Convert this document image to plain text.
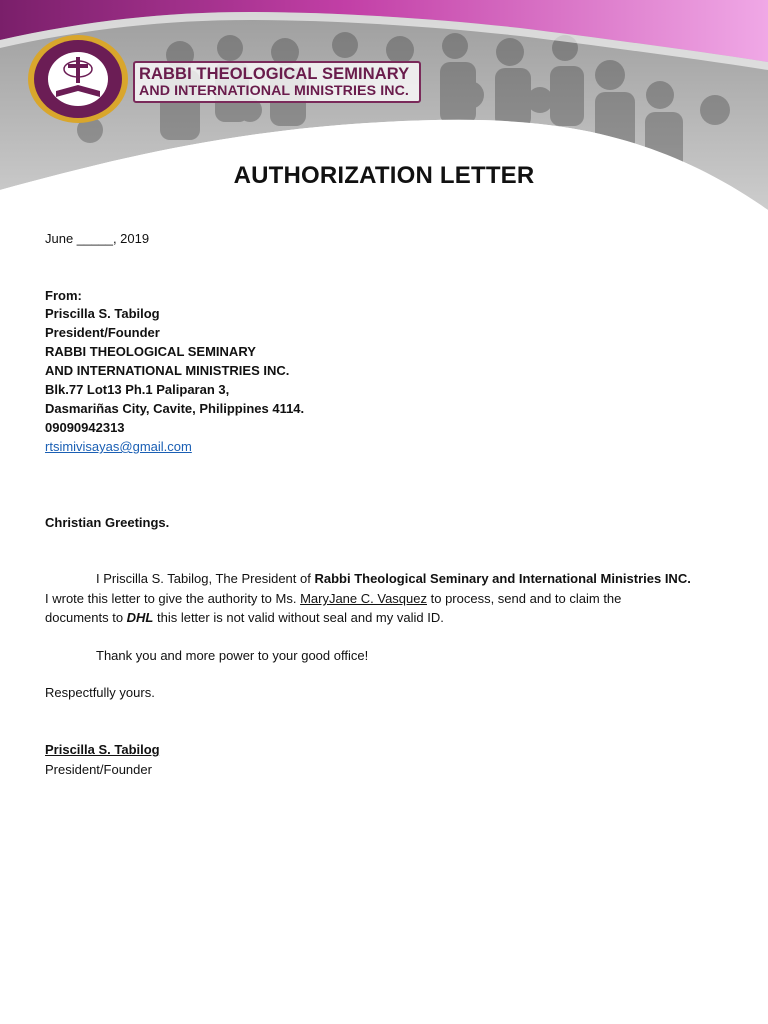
RABBI THEOLOGICAL SEMINARY
AND INTERNATIONAL MINISTRIES INC.
AUTHORIZATION LETTER
June _____, 2019
From:
Priscilla S. Tabilog
President/Founder
RABBI THEOLOGICAL SEMINARY
AND INTERNATIONAL MINISTRIES INC.
Blk.77 Lot13 Ph.1 Paliparan 3,
Dasmariñas City, Cavite, Philippines 4114.
09090942313
rtsimivisayas@gmail.com
Christian Greetings.
I Priscilla S. Tabilog, The President of Rabbi Theological Seminary and International Ministries INC.
I wrote this letter to give the authority to Ms. MaryJane C. Vasquez to process, send and to claim the
documents to DHL this letter is not valid without seal and my valid ID.
Thank you and more power to your good office!
Respectfully yours.
Priscilla S. Tabilog
President/Founder
